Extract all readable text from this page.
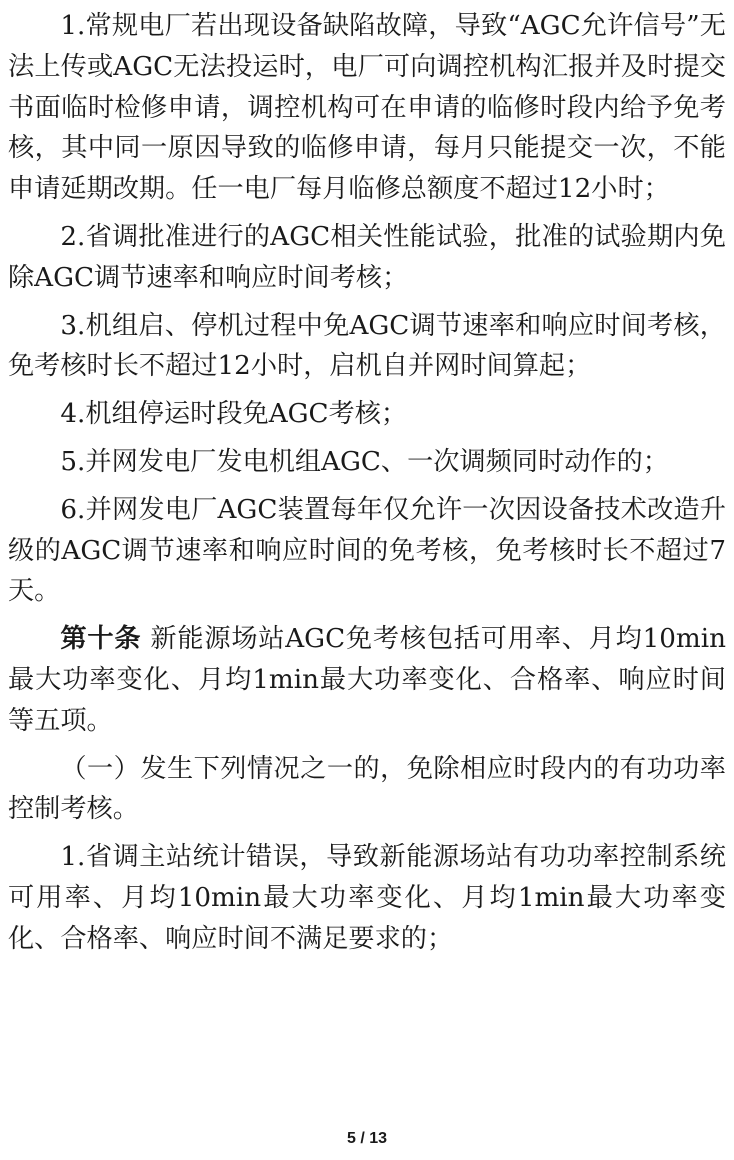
1.常规电厂若出现设备缺陷故障，导致“AGC允许信号”无法上传或AGC无法投运时，电厂可向调控机构汇报并及时提交书面临时检修申请，调控机构可在申请的临修时段内给予免考核，其中同一原因导致的临修申请，每月只能提交一次，不能申请延期改期。任一电厂每月临修总额度不超过12小时；

2.省调批准进行的AGC相关性能试验，批准的试验期内免除AGC调节速率和响应时间考核；

3.机组启、停机过程中免AGC调节速率和响应时间考核，免考核时长不超过12小时，启机自并网时间算起；

4.机组停运时段免AGC考核；

5.并网发电厂发电机组AGC、一次调频同时动作的；

6.并网发电厂AGC装置每年仅允许一次因设备技术改造升级的AGC调节速率和响应时间的免考核，免考核时长不超过7天。

第十条 新能源场站AGC免考核包括可用率、月均10min最大功率变化、月均1min最大功率变化、合格率、响应时间等五项。

（一）发生下列情况之一的，免除相应时段内的有功功率控制考核。

1.省调主站统计错误，导致新能源场站有功功率控制系统可用率、月均10min最大功率变化、月均1min最大功率变化、合格率、响应时间不满足要求的；

5 / 13
